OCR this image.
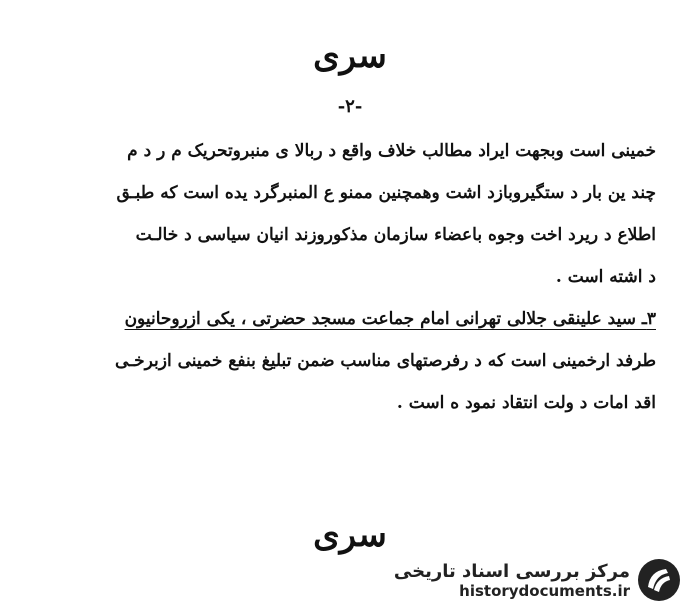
سری
-۲-
خمینی است وبجهت ایراد مطالب خلاف واقع د ربالا ی منبروتحریک م ر د م
چند ین بار د ستگیروبازد اشت وهمچنین ممنو ع المنبرگرد یده است که طبـق
اطلاع د ریرد اخت وجوه باعضاء سازمان مذکوروزند انیان سیاسی د خالـت
د اشته است .
۳ـ سید علینقی جلالی تهرانی امام جماعت مسجد حضرتی ، یکی ازروحانیون
طرفد ارخمینی است که د رفرصتهای مناسب ضمن تبلیغ بنفع خمینی ازبرخـی
اقد امات د ولت انتقاد نمود ه است .
سری
مرکز بررسی اسناد تاریخی
historydocuments.ir
